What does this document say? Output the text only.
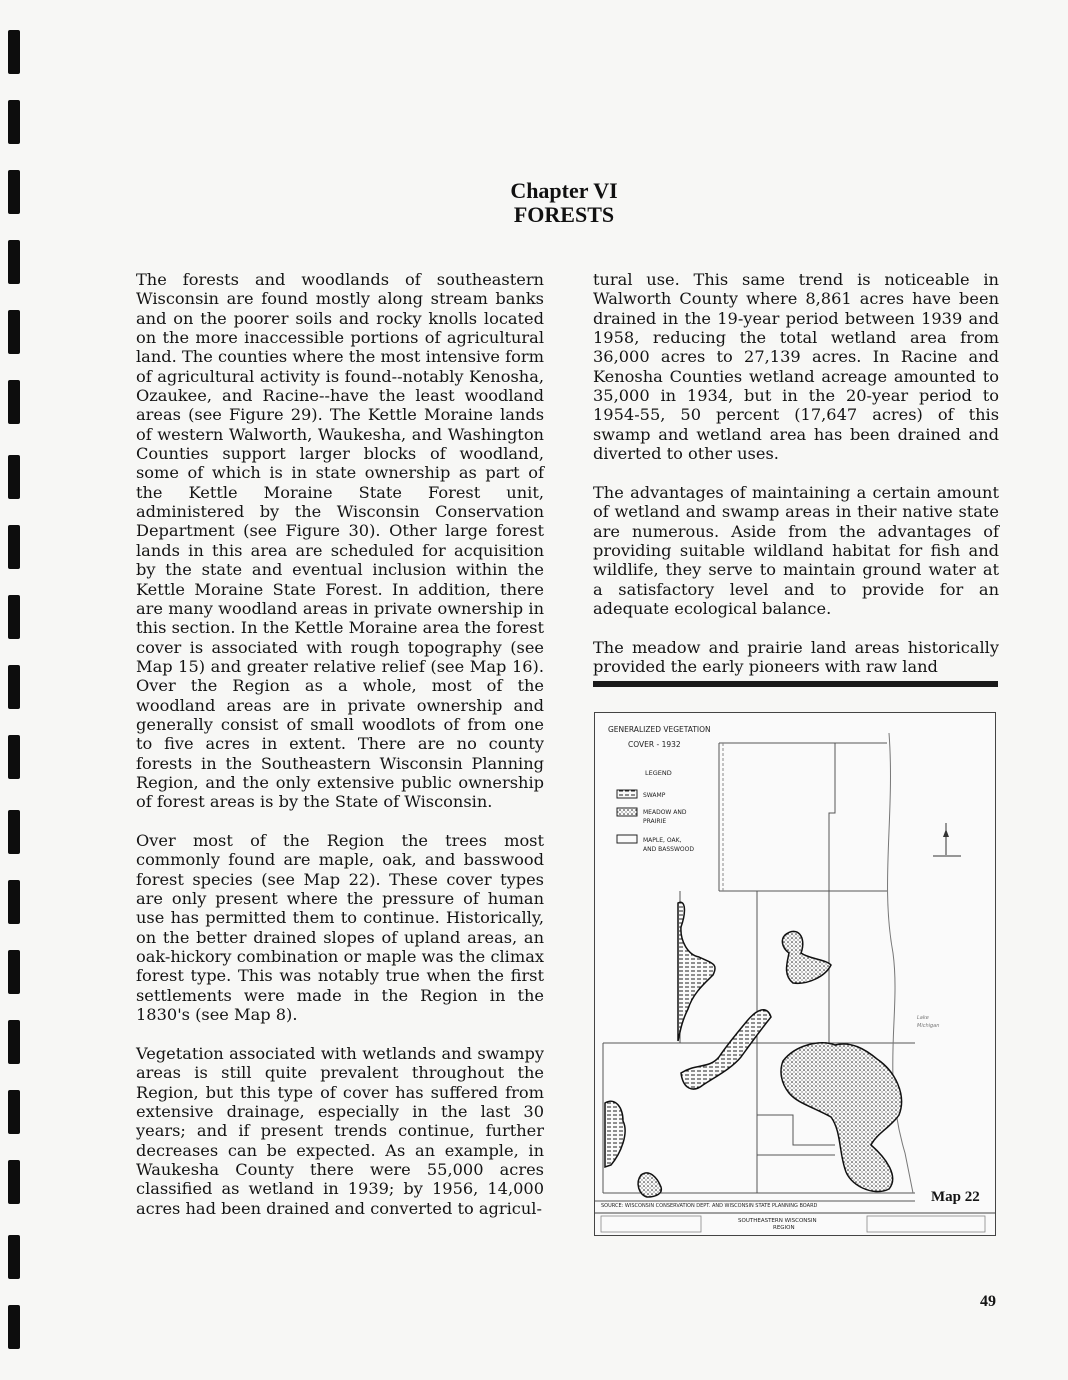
Chapter VI
FORESTS

The forests and woodlands of southeastern Wisconsin are found mostly along stream banks and on the poorer soils and rocky knolls located on the more inaccessible portions of agricultural land. The counties where the most intensive form of agricultural activity is found--notably Kenosha, Ozaukee, and Racine--have the least woodland areas (see Figure 29). The Kettle Moraine lands of western Walworth, Waukesha, and Washington Counties support larger blocks of woodland, some of which is in state ownership as part of the Kettle Moraine State Forest unit, administered by the Wisconsin Conservation Department (see Figure 30). Other large forest lands in this area are scheduled for acquisition by the state and eventual inclusion within the Kettle Moraine State Forest. In addition, there are many woodland areas in private ownership in this section. In the Kettle Moraine area the forest cover is associated with rough topography (see Map 15) and greater relative relief (see Map 16). Over the Region as a whole, most of the woodland areas are in private ownership and generally consist of small woodlots of from one to five acres in extent. There are no county forests in the Southeastern Wisconsin Planning Region, and the only extensive public ownership of forest areas is by the State of Wisconsin.

Over most of the Region the trees most commonly found are maple, oak, and basswood forest species (see Map 22). These cover types are only present where the pressure of human use has permitted them to continue. Historically, on the better drained slopes of upland areas, an oak-hickory combination or maple was the climax forest type. This was notably true when the first settlements were made in the Region in the 1830's (see Map 8).

Vegetation associated with wetlands and swampy areas is still quite prevalent throughout the Region, but this type of cover has suffered from extensive drainage, especially in the last 30 years; and if present trends continue, further decreases can be expected. As an example, in Waukesha County there were 55,000 acres classified as wetland in 1939; by 1956, 14,000 acres had been drained and converted to agricul-

tural use. This same trend is noticeable in Walworth County where 8,861 acres have been drained in the 19-year period between 1939 and 1958, reducing the total wetland area from 36,000 acres to 27,139 acres. In Racine and Kenosha Counties wetland acreage amounted to 35,000 in 1934, but in the 20-year period to 1954-55, 50 percent (17,647 acres) of this swamp and wetland area has been drained and diverted to other uses.

The advantages of maintaining a certain amount of wetland and swamp areas in their native state are numerous. Aside from the advantages of providing suitable wildland habitat for fish and wildlife, they serve to maintain ground water at a satisfactory level and to provide for an adequate ecological balance.

The meadow and prairie land areas historically provided the early pioneers with raw land

GENERALIZED VEGETATION
COVER - 1932
LEGEND
SWAMP
MEADOW AND
PRAIRIE
MAPLE, OAK,
AND BASSWOOD
Lake
Michigan
SOURCE: WISCONSIN CONSERVATION DEPT. AND WISCONSIN STATE PLANNING BOARD
SOUTHEASTERN WISCONSIN
REGION
Map 22
49
